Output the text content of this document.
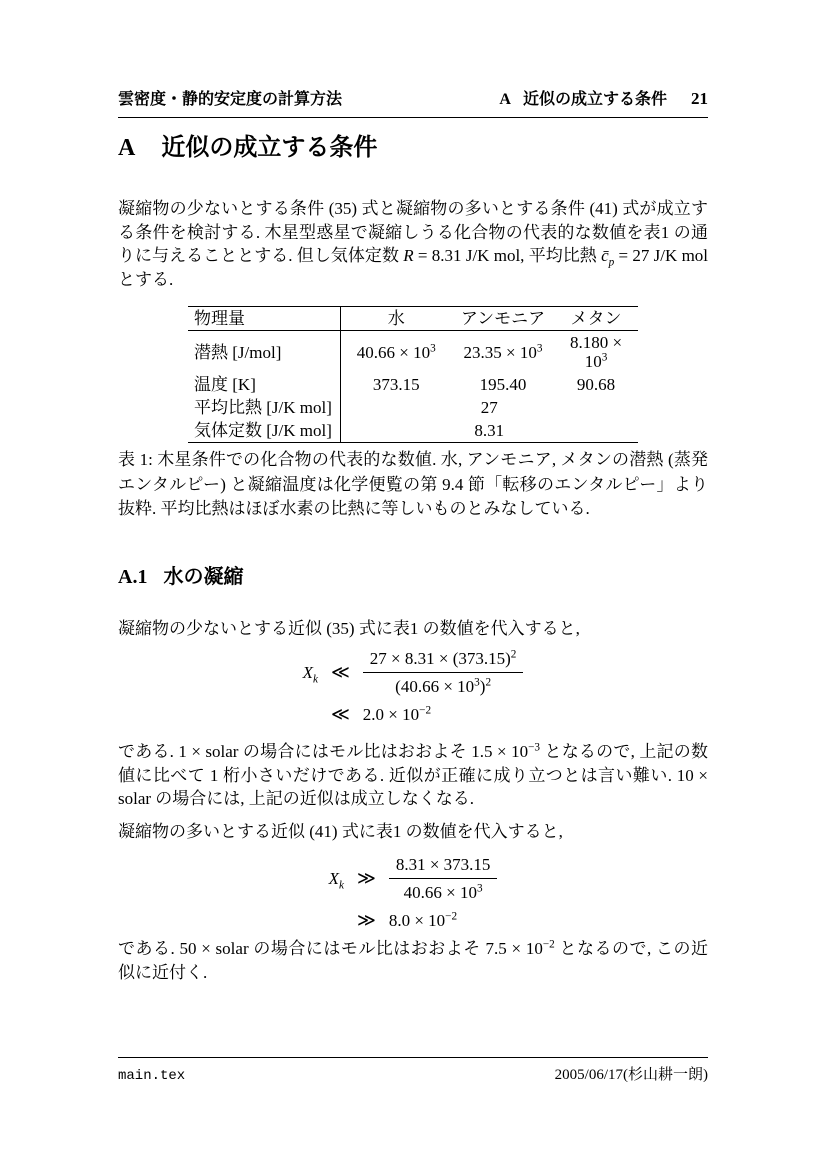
雲密度・静的安定度の計算方法	A 近似の成立する条件 21
A 近似の成立する条件

凝縮物の少ないとする条件 (35) 式と凝縮物の多いとする条件 (41) 式が成立する条件を検討する. 木星型惑星で凝縮しうる化合物の代表的な数値を表1 の通りに与えることとする. 但し気体定数 R = 8.31 J/K mol, 平均比熱 $c̄_p = 27$ J/K mol とする.

物理量	水	アンモニア	メタン
潜熱 [J/mol]	$40.66 \times 10^3$	$23.35 \times 10^3$	$8.180 \times 10^3$
温度 [K]	373.15	195.40	90.68
平均比熱 [J/K mol]	27		
気体定数 [J/K mol]	8.31		

表 1: 木星条件での化合物の代表的な数値. 水, アンモニア, メタンの潜熱 (蒸発エンタルピー) と凝縮温度は化学便覧の第 9.4 節「転移のエンタルピー」より抜粋. 平均比熱はほぼ水素の比熱に等しいものとみなしている.

A.1 水の凝縮

凝縮物の少ないとする近似 (35) 式に表1 の数値を代入すると,

$X_k$ ≪ $\frac{27 \times 8.31 \times (373.15)^2}{(40.66 \times 10^3)^2}$
≪ $2.0 \times 10^{-2}$

である. 1 × solar の場合にはモル比はおおよそ $1.5 \times 10^{-3}$ となるので, 上記の数値に比べて 1 桁小さいだけである. 近似が正確に成り立つとは言い難い. 10 × solar の場合には, 上記の近似は成立しなくなる.

凝縮物の多いとする近似 (41) 式に表1 の数値を代入すると,

$X_k$ ≫ $\frac{8.31 \times 373.15}{40.66 \times 10^3}$
≫ $8.0 \times 10^{-2}$

である. 50 × solar の場合にはモル比はおおよそ $7.5 \times 10^{-2}$ となるので, この近似に近付く.

main.tex	2005/06/17(杉山耕一朗)
